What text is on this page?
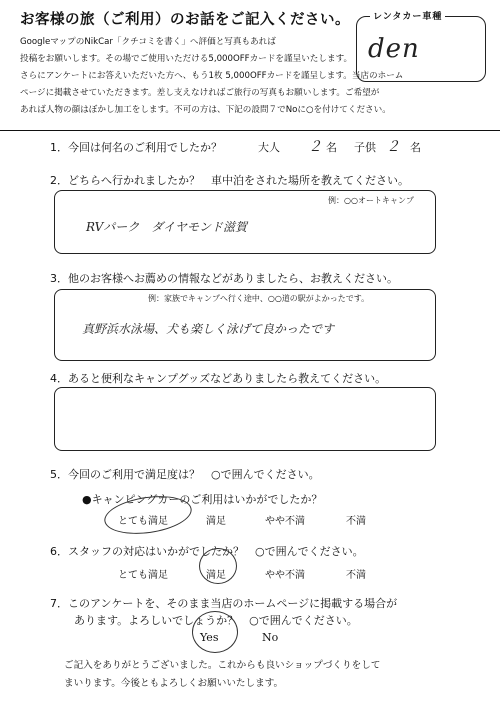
お客様の旅（ご利用）のお話をご記入ください。
GoogleマップのNikCar「クチコミを書く」へ評価と写真もあれば
投稿をお願いします。その場でご使用いただける5,000OFFカードを謹呈いたします。
さらにアンケートにお答えいただいた方へ、もう1枚 5,000OFFカードを謹呈します。当店のホーム
ページに掲載させていただきます。差し支えなければご旅行の写真もお願いします。ご希望が
あれば人物の顔はぼかし加工をします。不可の方は、下記の設問７でNoに○を付けてください。
レンタカー車種
den
1．今回は何名のご利用でしたか？	大人 ２ 名 子供 ２ 名
2．どちらへ行かれましたか？　車中泊をされた場所を教えてください。
例：○○オートキャンプ
RVパーク　ダイヤモンド滋賀
3．他のお客様へお薦めの情報などがありましたら、お教えください。
例：家族でキャンプへ行く途中、○○道の駅がよかったです。
真野浜水泳場、犬も楽しく泳げて良かったです
4．あると便利なキャンプグッズなどありましたら教えてください。
5．今回のご利用で満足度は？　○で囲んでください。
●キャンピングカーのご利用はいかがでしたか？
とても満足	満足	やや不満	不満
6．スタッフの対応はいかがでしたか？　○で囲んでください。
とても満足	満足	やや不満	不満
7．このアンケートを、そのまま当店のホームページに掲載する場合が
あります。よろしいでしょうか？　○で囲んでください。
Yes	No
ご記入をありがとうございました。これからも良いショップづくりをして
まいります。今後ともよろしくお願いいたします。
